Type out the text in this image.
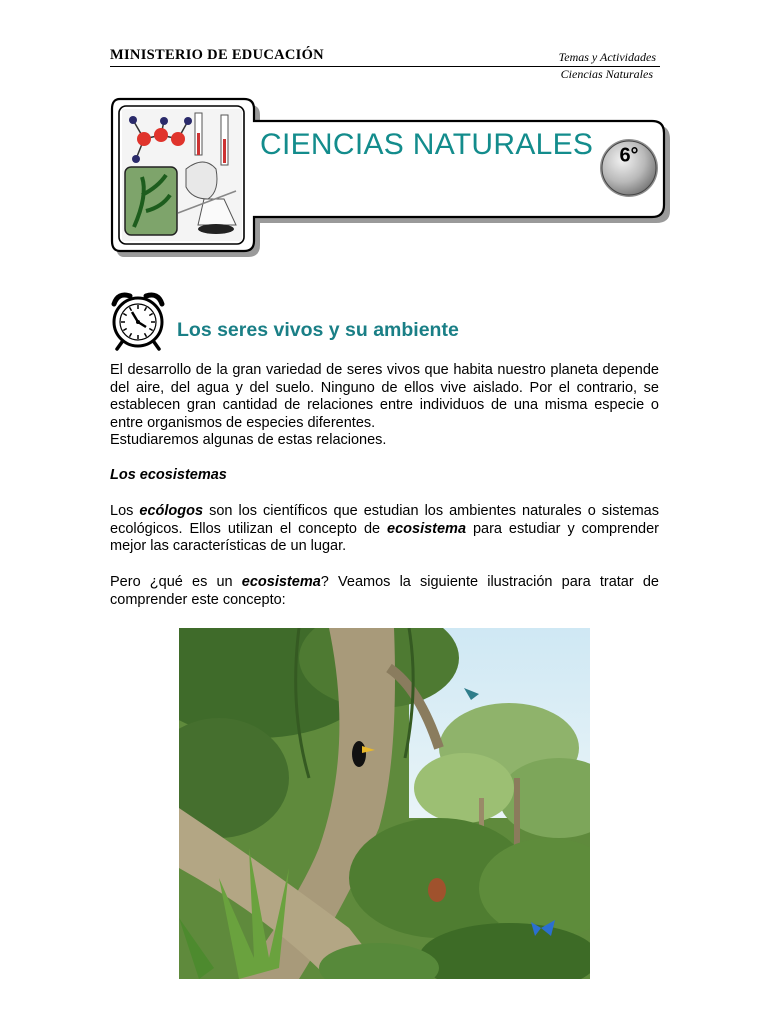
MINISTERIO DE EDUCACIÓN	Temas y Actividades
Ciencias Naturales
CIENCIAS NATURALES 6°
Los seres vivos y su ambiente

El desarrollo de la gran variedad de seres vivos que habita nuestro planeta depende del aire, del agua y del suelo. Ninguno de ellos vive aislado. Por el contrario, se establecen gran cantidad de relaciones entre individuos de una misma especie o entre organismos de especies diferentes.
Estudiaremos algunas de estas relaciones.

Los ecosistemas

Los ecólogos son los científicos que estudian los ambientes naturales o sistemas ecológicos. Ellos utilizan el concepto de ecosistema para estudiar y comprender mejor las características de un lugar.

Pero ¿qué es un ecosistema? Veamos la siguiente ilustración para tratar de comprender este concepto:
